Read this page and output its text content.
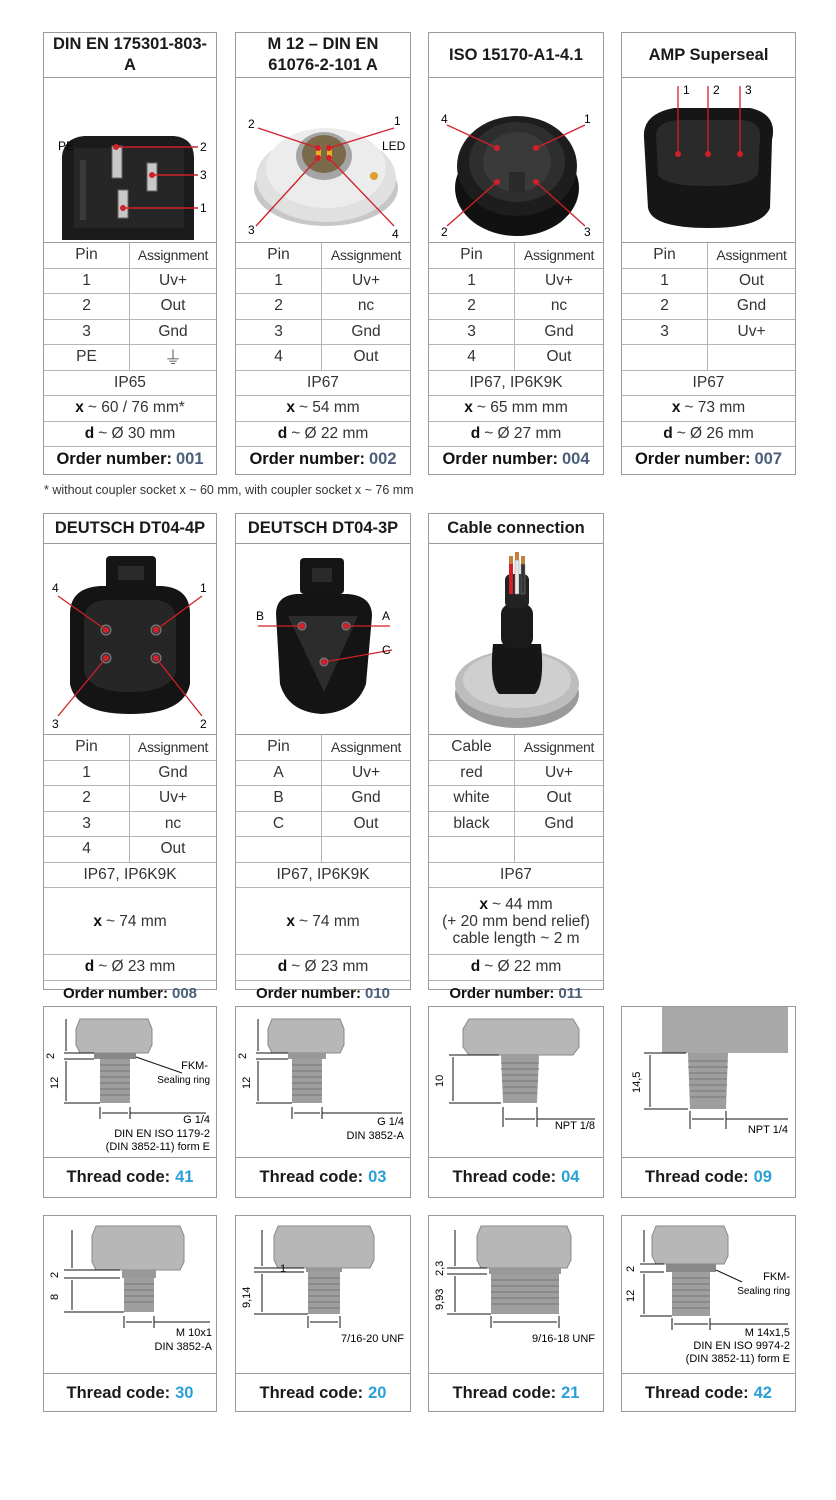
DIN EN 175301-803-A
PE	2
3
1
Pin	Assignment
1	Uv+
2	Out
3	Gnd
PE	⏚
IP65
x ~ 60 / 76 mm*
d ~ Ø 30 mm
Order number: 001
M 12 – DIN EN 61076-2-101 A
2	1
LED
3	4
Pin	Assignment
1	Uv+
2	nc
3	Gnd
4	Out
IP67
x ~ 54 mm
d ~ Ø 22 mm
Order number: 002
ISO 15170-A1-4.1
4	1
2	3
Pin	Assignment
1	Uv+
2	nc
3	Gnd
4	Out
IP67, IP6K9K
x ~ 65 mm mm
d ~ Ø 27 mm
Order number: 004
AMP Superseal
1 2 3
Pin	Assignment
1	Out
2	Gnd
3	Uv+
IP67
x ~ 73 mm
d ~ Ø 26 mm
Order number: 007
* without coupler socket x ~ 60 mm, with coupler socket x ~ 76 mm
DEUTSCH DT04-4P
4	1
3	2
Pin	Assignment
1	Gnd
2	Uv+
3	nc
4	Out
IP67, IP6K9K
x ~ 74 mm
d ~ Ø 23 mm
Order number: 008
DEUTSCH DT04-3P
B	A
C
Pin	Assignment
A	Uv+
B	Gnd
C	Out
IP67, IP6K9K
x ~ 74 mm
d ~ Ø 23 mm
Order number: 010
Cable connection
Cable	Assignment
red	Uv+
white	Out
black	Gnd
IP67
x ~ 44 mm
(+ 20 mm bend relief)
cable length ~ 2 m
d ~ Ø 22 mm
Order number: 011
2
12
FKM-
Sealing ring
G 1/4
DIN EN ISO 1179-2
(DIN 3852-11) form E
Thread code: 41
2
12
G 1/4
DIN 3852-A
Thread code: 03
10
NPT 1/8
Thread code: 04
14,5
NPT 1/4
Thread code: 09
2
8
M 10x1
DIN 3852-A
Thread code: 30
1
9,14
7/16-20 UNF
Thread code: 20
2,3
9,93
9/16-18 UNF
Thread code: 21
2
12
FKM-
Sealing ring
M 14x1,5
DIN EN ISO 9974-2
(DIN 3852-11) form E
Thread code: 42
